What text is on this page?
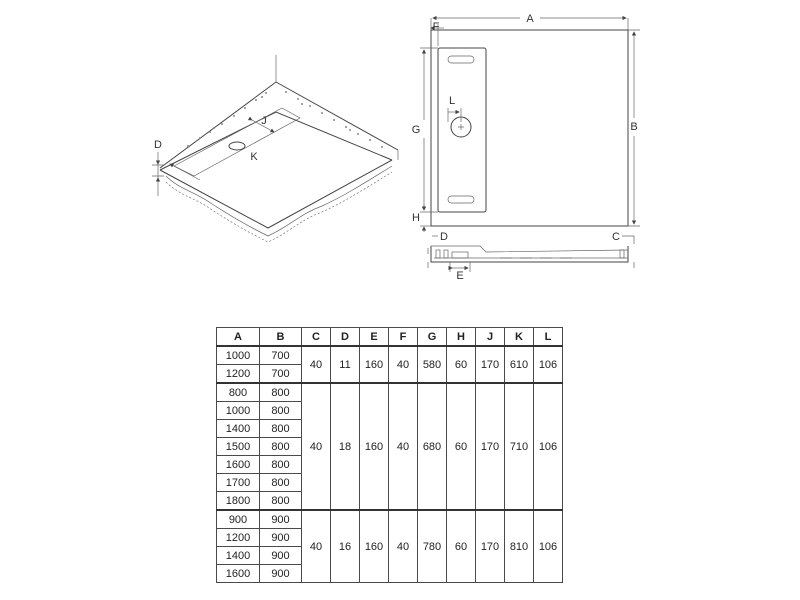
J
K
D
A
F
B
G
H
L
D	C
E
A	B	C	D	E	F	G	H	J	K	L
1000	700	40	11	160	40	580	60	170	610	106
1200	700									
800	800	40	18	160	40	680	60	170	710	106
1000	800									
1400	800									
1500	800									
1600	800									
1700	800									
1800	800									
900	900	40	16	160	40	780	60	170	810	106
1200	900									
1400	900									
1600	900									
